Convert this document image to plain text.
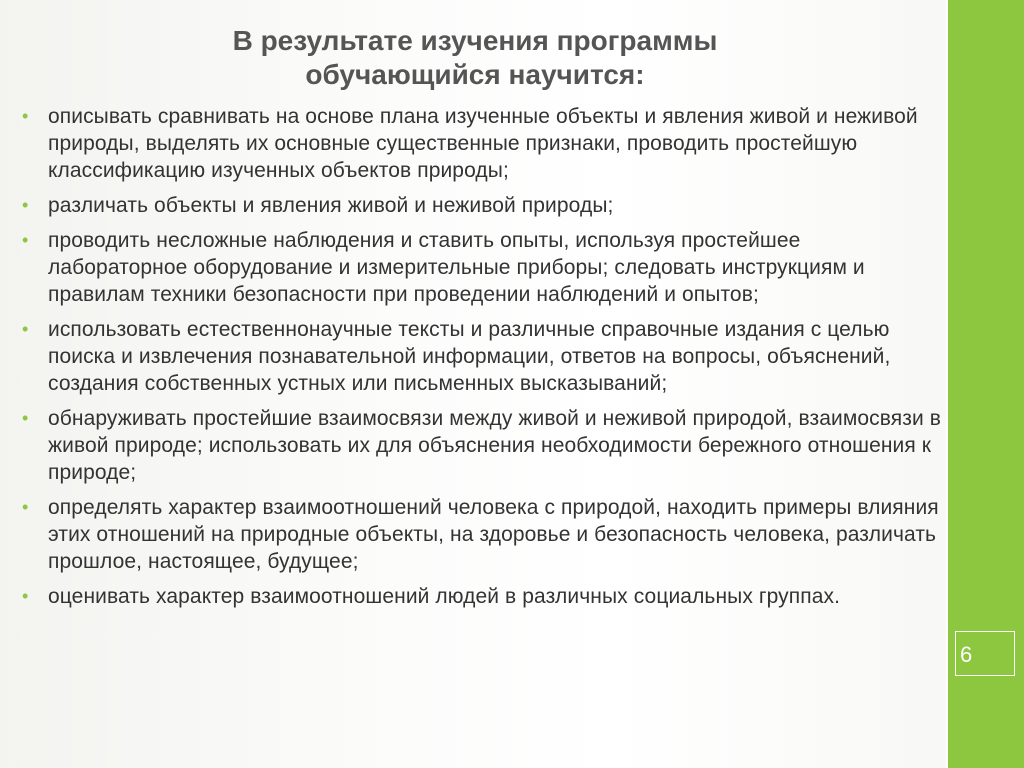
6
В результате изучения программы
обучающийся научится:
• описывать сравнивать на основе плана изученные объекты и явления живой и неживой природы, выделять их основные существенные признаки, проводить простейшую классификацию изученных объектов природы;
• различать объекты и явления живой и неживой природы;
• проводить несложные наблюдения и ставить опыты, используя простейшее лабораторное оборудование и измерительные приборы; следовать инструкциям и правилам техники безопасности при проведении наблюдений и опытов;
• использовать естественнонаучные тексты и различные справочные издания с целью поиска и извлечения познавательной информации, ответов на вопросы, объяснений, создания собственных устных или письменных высказываний;
• обнаруживать простейшие взаимосвязи между живой и неживой природой, взаимосвязи в живой природе; использовать их для объяснения необходимости бережного отношения к природе;
• определять характер взаимоотношений человека с природой, находить примеры влияния этих отношений на природные объекты, на здоровье и безопасность человека, различать прошлое, настоящее, будущее;
• оценивать характер взаимоотношений людей в различных социальных группах.
